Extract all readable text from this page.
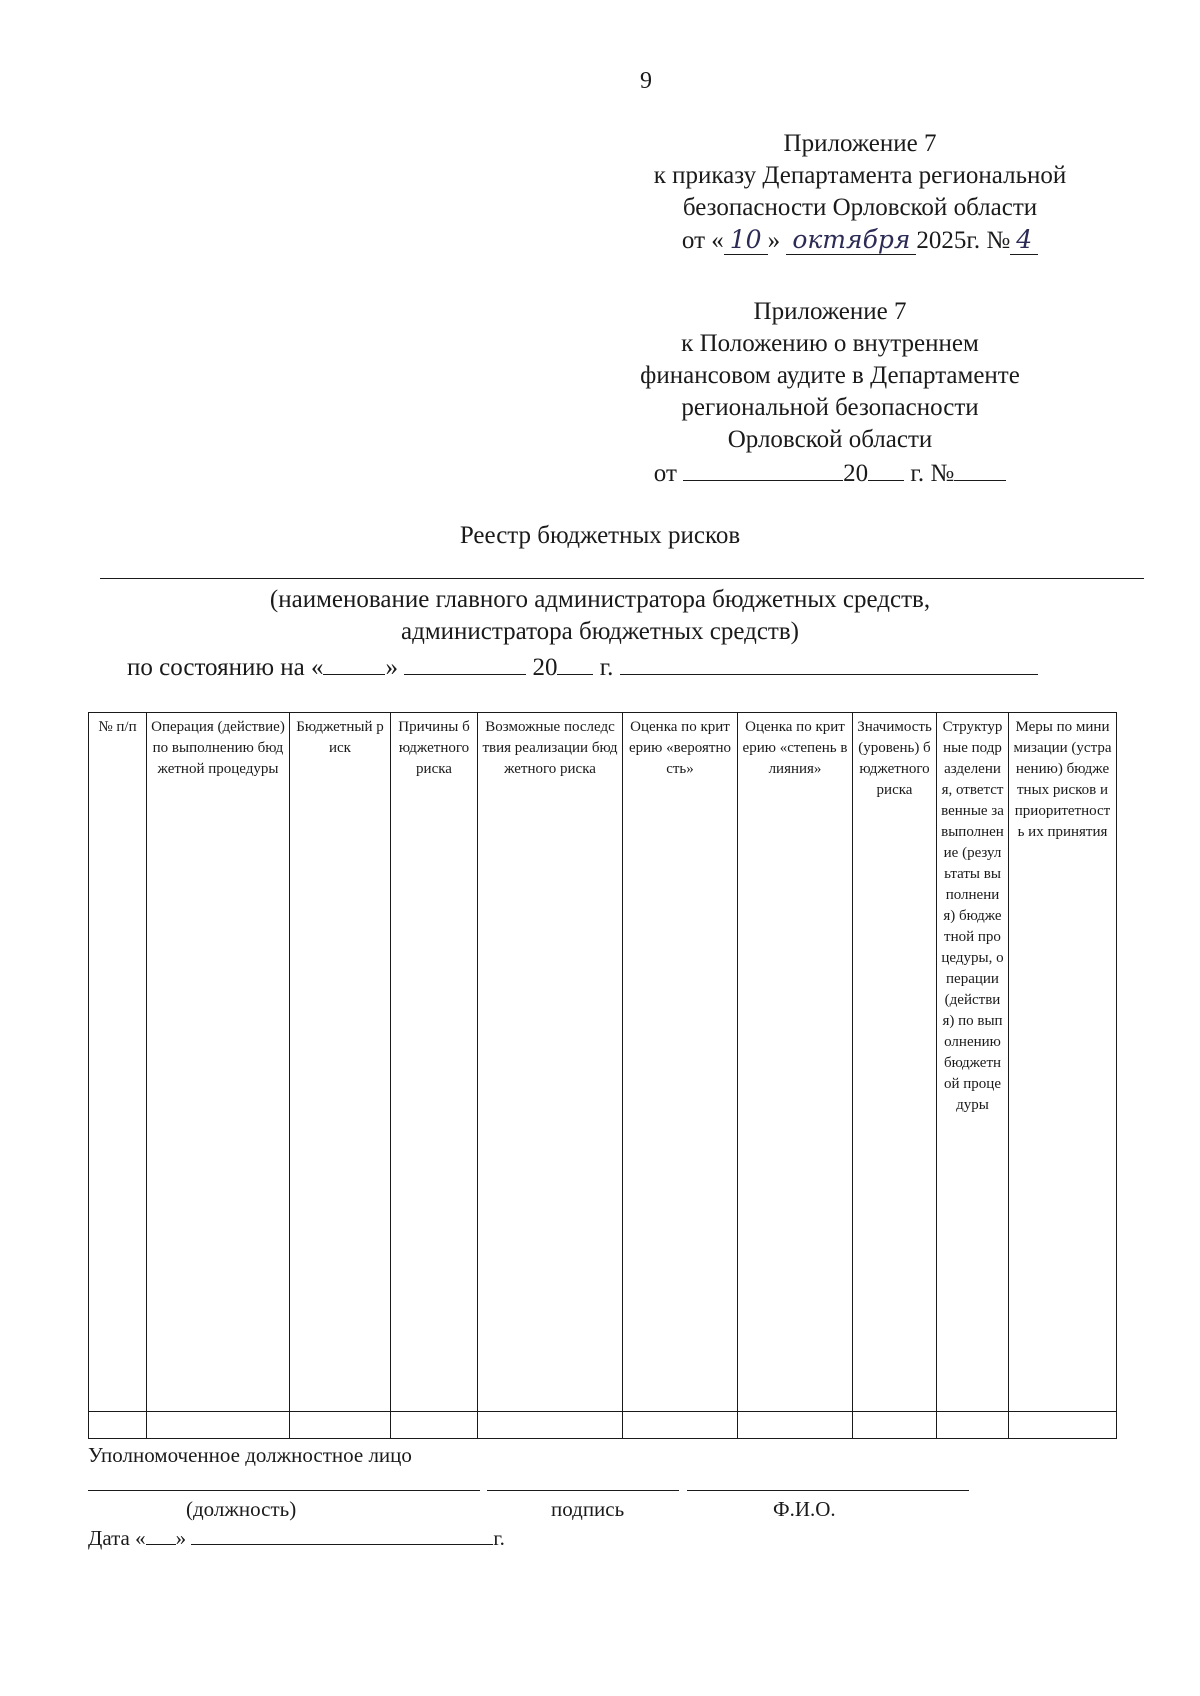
9
Приложение 7
к приказу Департамента региональной
безопасности Орловской области
от « 10 » октября 2025г. № 4
Приложение 7
к Положению о внутреннем
финансовом аудите в Департаменте
региональной безопасности
Орловской области
от	20 г. №
Реестр бюджетных рисков
(наименование главного администратора бюджетных средств,
администратора бюджетных средств)
по состоянию на « »	20 г.
№ п/п	Операция (действие) по выполнению бюджетной процедуры	Бюджетный риск	Причины бюджетного риска	Возможные последствия реализации бюджетного риска	Оценка по критерию «вероятность»	Оценка по критерию «степень влияния»	Значимость (уровень) бюджетного риска	Структурные подразделения, ответственные за выполнение (результаты выполнения) бюджетной процедуры, операции (действия) по выполнению бюджетной процедуры	Меры по минимизации (устранению) бюджетных рисков и приоритетность их принятия

Уполномоченное должностное лицо
(должность)	подпись	Ф.И.О.
Дата « »	г.
